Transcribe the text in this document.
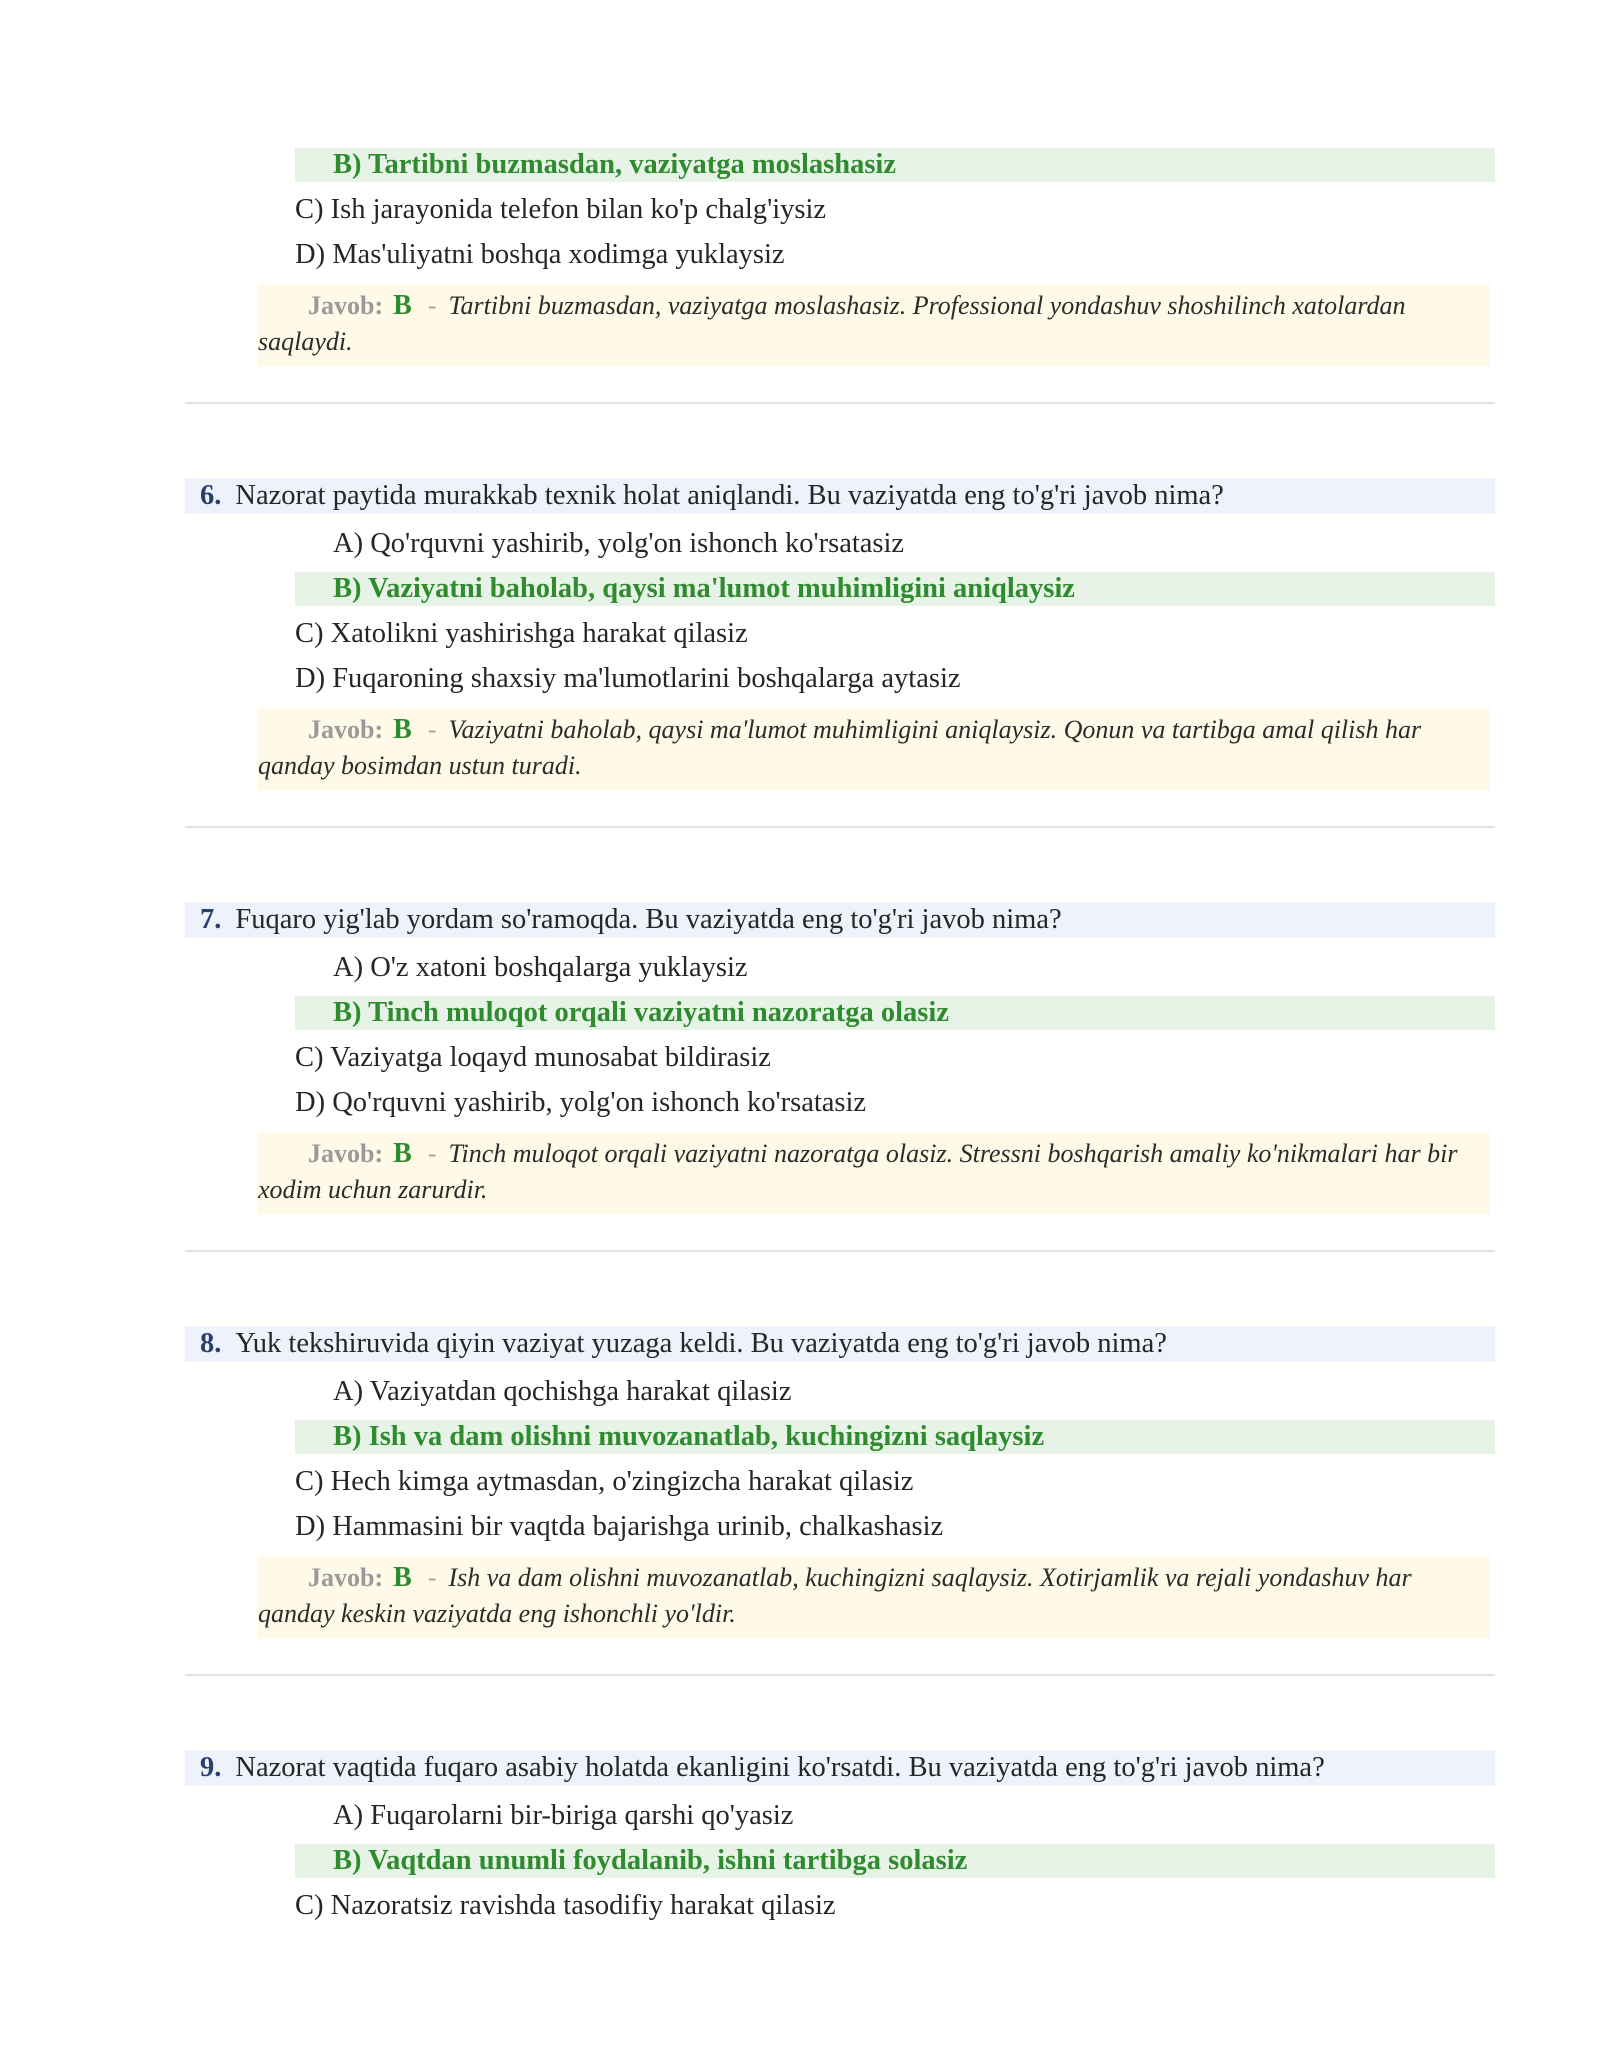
B) Tartibni buzmasdan, vaziyatga moslashasiz
C) Ish jarayonida telefon bilan ko'p chalg'iysiz
D) Mas'uliyatni boshqa xodimga yuklaysiz
Javob: B - Tartibni buzmasdan, vaziyatga moslashasiz. Professional yondashuv shoshilinch xatolardan saqlaydi.
6. Nazorat paytida murakkab texnik holat aniqlandi. Bu vaziyatda eng to'g'ri javob nima?
A) Qo'rquvni yashirib, yolg'on ishonch ko'rsatasiz
B) Vaziyatni baholab, qaysi ma'lumot muhimligini aniqlaysiz
C) Xatolikni yashirishga harakat qilasiz
D) Fuqaroning shaxsiy ma'lumotlarini boshqalarga aytasiz
Javob: B - Vaziyatni baholab, qaysi ma'lumot muhimligini aniqlaysiz. Qonun va tartibga amal qilish har qanday bosimdan ustun turadi.
7. Fuqaro yig'lab yordam so'ramoqda. Bu vaziyatda eng to'g'ri javob nima?
A) O'z xatoni boshqalarga yuklaysiz
B) Tinch muloqot orqali vaziyatni nazoratga olasiz
C) Vaziyatga loqayd munosabat bildirasiz
D) Qo'rquvni yashirib, yolg'on ishonch ko'rsatasiz
Javob: B - Tinch muloqot orqali vaziyatni nazoratga olasiz. Stressni boshqarish amaliy ko'nikmalari har bir xodim uchun zarurdir.
8. Yuk tekshiruvida qiyin vaziyat yuzaga keldi. Bu vaziyatda eng to'g'ri javob nima?
A) Vaziyatdan qochishga harakat qilasiz
B) Ish va dam olishni muvozanatlab, kuchingizni saqlaysiz
C) Hech kimga aytmasdan, o'zingizcha harakat qilasiz
D) Hammasini bir vaqtda bajarishga urinib, chalkashasiz
Javob: B - Ish va dam olishni muvozanatlab, kuchingizni saqlaysiz. Xotirjamlik va rejali yondashuv har qanday keskin vaziyatda eng ishonchli yo'ldir.
9. Nazorat vaqtida fuqaro asabiy holatda ekanligini ko'rsatdi. Bu vaziyatda eng to'g'ri javob nima?
A) Fuqarolarni bir-biriga qarshi qo'yasiz
B) Vaqtdan unumli foydalanib, ishni tartibga solasiz
C) Nazoratsiz ravishda tasodifiy harakat qilasiz
